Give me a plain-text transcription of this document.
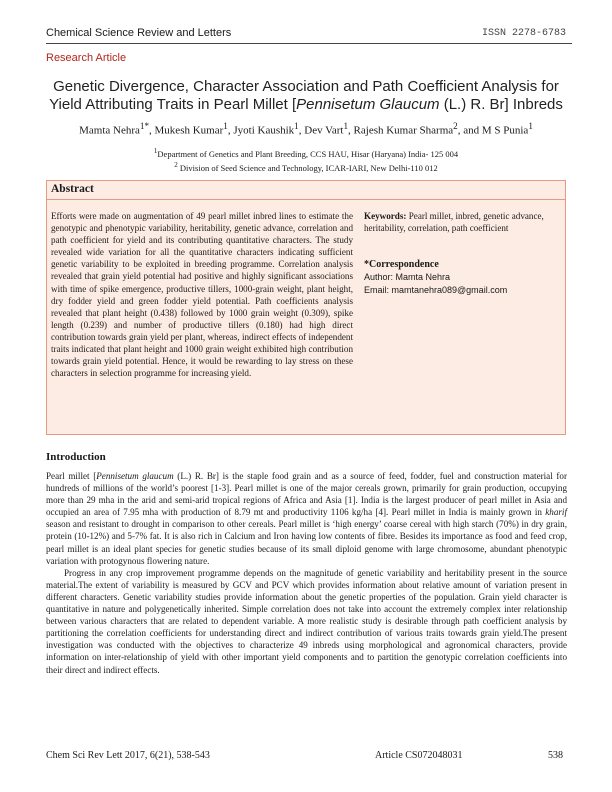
Chemical Science Review and Letters	ISSN 2278-6783
Research Article
Genetic Divergence, Character Association and Path Coefficient Analysis for
Yield Attributing Traits in Pearl Millet [Pennisetum Glaucum (L.) R. Br] Inbreds
Mamta Nehra$^{1*}$, Mukesh Kumar$^1$, Jyoti Kaushik$^1$, Dev Vart$^1$, Rajesh Kumar Sharma$^2$, and M S Punia$^1$
$^1$Department of Genetics and Plant Breeding, CCS HAU, Hisar (Haryana) India- 125 004
$^2$ Division of Seed Science and Technology, ICAR-IARI, New Delhi-110 012
Abstract
Efforts were made on augmentation of 49 pearl millet inbred lines to estimate the genotypic and phenotypic variability, heritability, genetic advance, correlation and path coefficient for yield and its contributing quantitative characters. The study revealed wide variation for all the quantitative characters indicating sufficient genetic variability to be exploited in breeding programme. Correlation analysis revealed that grain yield potential had positive and highly significant associations with time of spike emergence, productive tillers, 1000-grain weight, plant height, dry fodder yield and green fodder yield potential. Path coefficients analysis revealed that plant height (0.438) followed by 1000 grain weight (0.309), spike length (0.239) and number of productive tillers (0.180) had high direct contribution towards grain yield per plant, whereas, indirect effects of independent traits indicated that plant height and 1000 grain weight exhibited high contribution towards grain yield potential. Hence, it would be rewarding to lay stress on these characters in selection programme for increasing yield.
Keywords: Pearl millet, inbred, genetic advance, heritability, correlation, path coefficient
*Correspondence
Author: Mamta Nehra
Email: mamtanehra089@gmail.com
Introduction

Pearl millet [Pennisetum glaucum (L.) R. Br] is the staple food grain and as a source of feed, fodder, fuel and construction material for hundreds of millions of the world’s poorest [1-3]. Pearl millet is one of the major cereals grown, primarily for grain production, occupying more than 29 mha in the arid and semi-arid tropical regions of Africa and Asia [1]. India is the largest producer of pearl millet in Asia and occupied an area of 7.95 mha with production of 8.79 mt and productivity 1106 kg/ha [4]. Pearl millet in India is mainly grown in kharif season and resistant to drought in comparison to other cereals. Pearl millet is ‘high energy’ coarse cereal with high starch (70%) in dry grain, protein (10-12%) and 5-7% fat. It is also rich in Calcium and Iron having low contents of fibre. Besides its importance as food and feed crop, pearl millet is an ideal plant species for genetic studies because of its small diploid genome with large chromosome, abundant phenotypic variation with protogynous flowering nature.

Progress in any crop improvement programme depends on the magnitude of genetic variability and heritability present in the source material.The extent of variability is measured by GCV and PCV which provides information about relative amount of variation present in different characters. Genetic variability studies provide information about the genetic properties of the population. Grain yield character is quantitative in nature and polygenetically inherited. Simple correlation does not take into account the extremely complex inter relationship between various characters that are related to dependent variable. A more realistic study is desirable through path coefficient analysis by partitioning the correlation coefficients for understanding direct and indirect contribution of various traits towards grain yield.The present investigation was conducted with the objectives to characterize 49 inbreds using morphological and agronomical characters, provide information on inter-relationship of yield with other important yield components and to partition the genotypic correlation coefficients into their direct and indirect effects.

Chem Sci Rev Lett 2017, 6(21), 538-543	Article CS072048031	538
